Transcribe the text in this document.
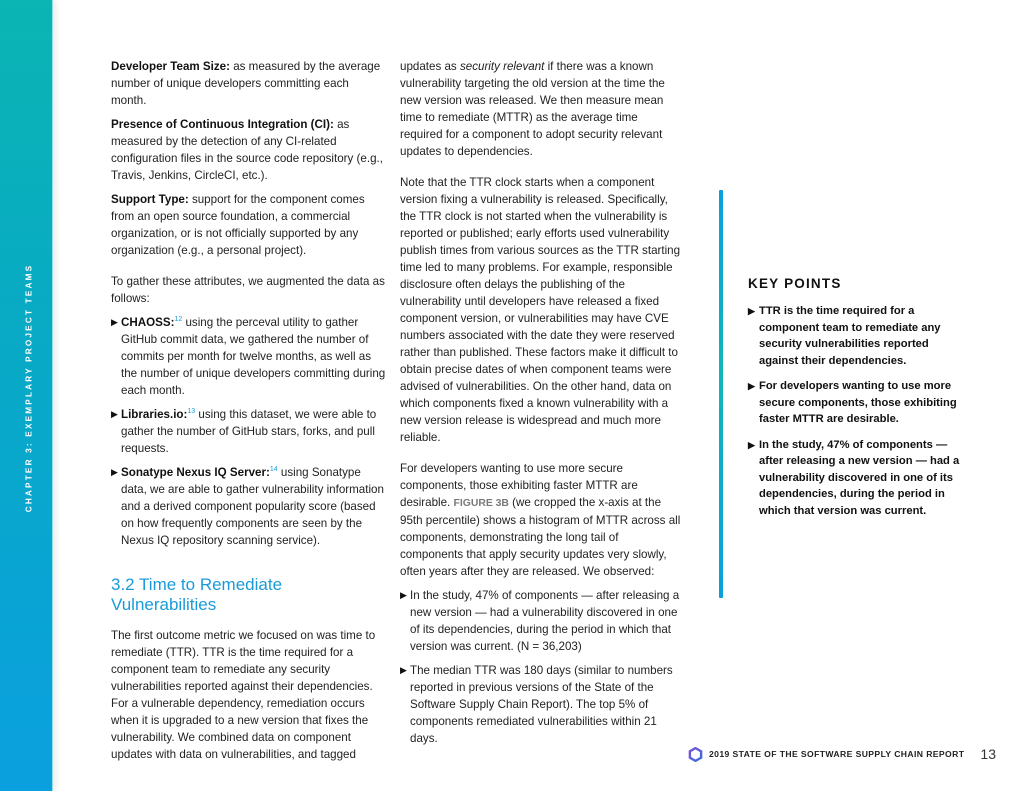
CHAPTER 3: EXEMPLARY PROJECT TEAMS

Developer Team Size: as measured by the average number of unique developers committing each month.

Presence of Continuous Integration (CI): as measured by the detection of any CI-related configuration files in the source code repository (e.g., Travis, Jenkins, CircleCI, etc.).

Support Type: support for the component comes from an open source foundation, a commercial organization, or is not officially supported by any organization (e.g., a personal project).

To gather these attributes, we augmented the data as follows:

▶ CHAOSS:$^{12}$ using the perceval utility to gather GitHub commit data, we gathered the number of commits per month for twelve months, as well as the number of unique developers committing during each month.
▶ Libraries.io:$^{13}$ using this dataset, we were able to gather the number of GitHub stars, forks, and pull requests.
▶ Sonatype Nexus IQ Server:$^{14}$ using Sonatype data, we are able to gather vulnerability information and a derived component popularity score (based on how frequently components are seen by the Nexus IQ repository scanning service).
3.2 Time to Remediate Vulnerabilities

The first outcome metric we focused on was time to remediate (TTR). TTR is the time required for a component team to remediate any security vulnerabilities reported against their dependencies. For a vulnerable dependency, remediation occurs when it is upgraded to a new version that fixes the vulnerability. We combined data on component updates with data on vulnerabilities, and tagged

updates as security relevant if there was a known vulnerability targeting the old version at the time the new version was released. We then measure mean time to remediate (MTTR) as the average time required for a component to adopt security relevant updates to dependencies.

Note that the TTR clock starts when a component version fixing a vulnerability is released. Specifically, the TTR clock is not started when the vulnerability is reported or published; early efforts used vulnerability publish times from various sources as the TTR starting time led to many problems. For example, responsible disclosure often delays the publishing of the vulnerability until developers have released a fixed component version, or vulnerabilities may have CVE numbers associated with the date they were reserved rather than published. These factors make it difficult to obtain precise dates of when component teams were advised of vulnerabilities. On the other hand, data on which components fixed a known vulnerability with a new version release is widespread and much more reliable.

For developers wanting to use more secure components, those exhibiting faster MTTR are desirable. FIGURE 3B (we cropped the x-axis at the 95th percentile) shows a histogram of MTTR across all components, demonstrating the long tail of components that apply security updates very slowly, often years after they are released. We observed:

▶ In the study, 47% of components — after releasing a new version — had a vulnerability discovered in one of its dependencies, during the period in which that version was current. (N = 36,203)
▶ The median TTR was 180 days (similar to numbers reported in previous versions of the State of the Software Supply Chain Report). The top 5% of components remediated vulnerabilities within 21 days.
KEY POINTS
▶ TTR is the time required for a component team to remediate any security vulnerabilities reported against their dependencies.
▶ For developers wanting to use more secure components, those exhibiting faster MTTR are desirable.
▶ In the study, 47% of components — after releasing a new version — had a vulnerability discovered in one of its dependencies, during the period in which that version was current.
2019 STATE OF THE SOFTWARE SUPPLY CHAIN REPORT 13
